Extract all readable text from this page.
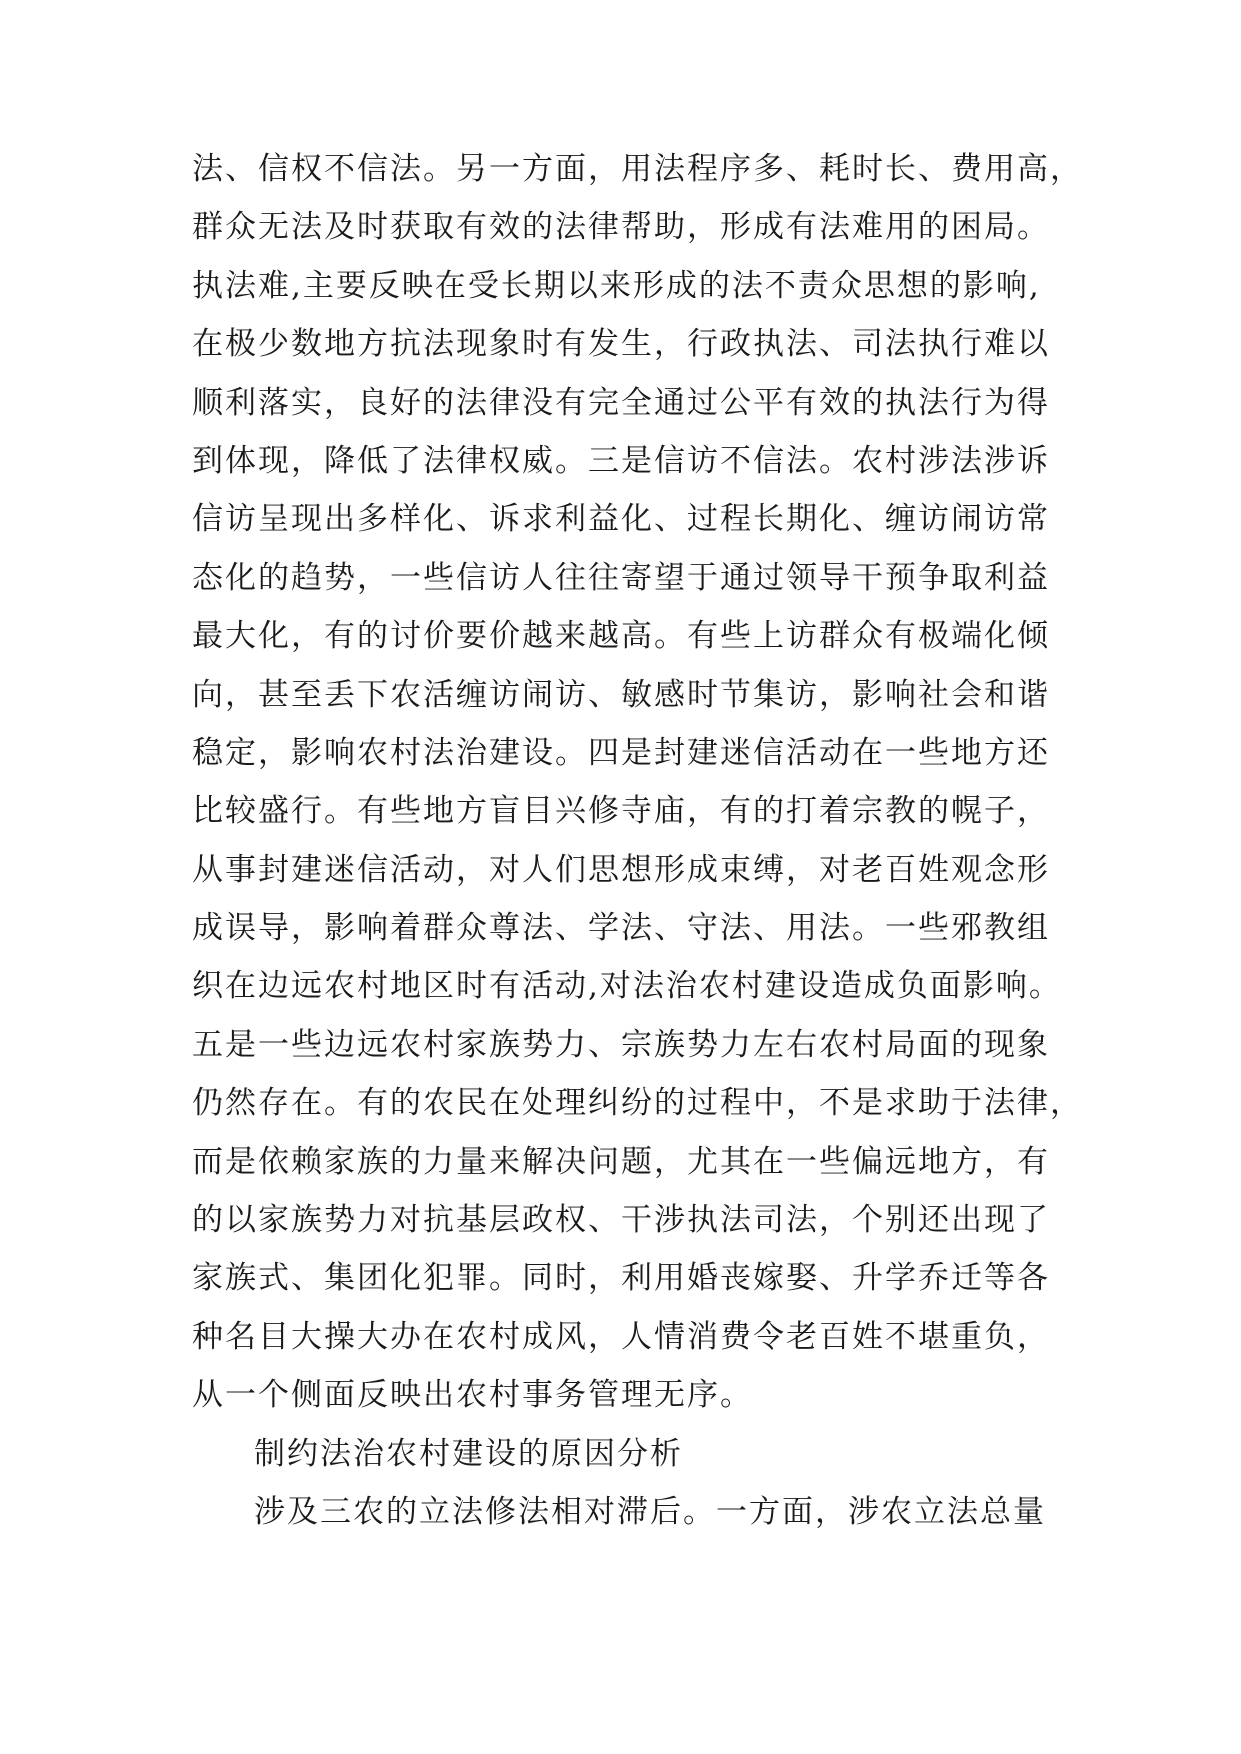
法、信权不信法。另一方面，用法程序多、耗时长、费用高，
群众无法及时获取有效的法律帮助，形成有法难用的困局。
执法难,主要反映在受长期以来形成的法不责众思想的影响,
在极少数地方抗法现象时有发生，行政执法、司法执行难以
顺利落实，良好的法律没有完全通过公平有效的执法行为得
到体现，降低了法律权威。三是信访不信法。农村涉法涉诉
信访呈现出多样化、诉求利益化、过程长期化、缠访闹访常
态化的趋势，一些信访人往往寄望于通过领导干预争取利益
最大化，有的讨价要价越来越高。有些上访群众有极端化倾
向，甚至丢下农活缠访闹访、敏感时节集访，影响社会和谐
稳定，影响农村法治建设。四是封建迷信活动在一些地方还
比较盛行。有些地方盲目兴修寺庙，有的打着宗教的幌子，
从事封建迷信活动，对人们思想形成束缚，对老百姓观念形
成误导，影响着群众尊法、学法、守法、用法。一些邪教组
织在边远农村地区时有活动,对法治农村建设造成负面影响。
五是一些边远农村家族势力、宗族势力左右农村局面的现象
仍然存在。有的农民在处理纠纷的过程中，不是求助于法律，
而是依赖家族的力量来解决问题，尤其在一些偏远地方，有
的以家族势力对抗基层政权、干涉执法司法，个别还出现了
家族式、集团化犯罪。同时，利用婚丧嫁娶、升学乔迁等各
种名目大操大办在农村成风，人情消费令老百姓不堪重负，
从一个侧面反映出农村事务管理无序。
制约法治农村建设的原因分析
涉及三农的立法修法相对滞后。一方面，涉农立法总量
